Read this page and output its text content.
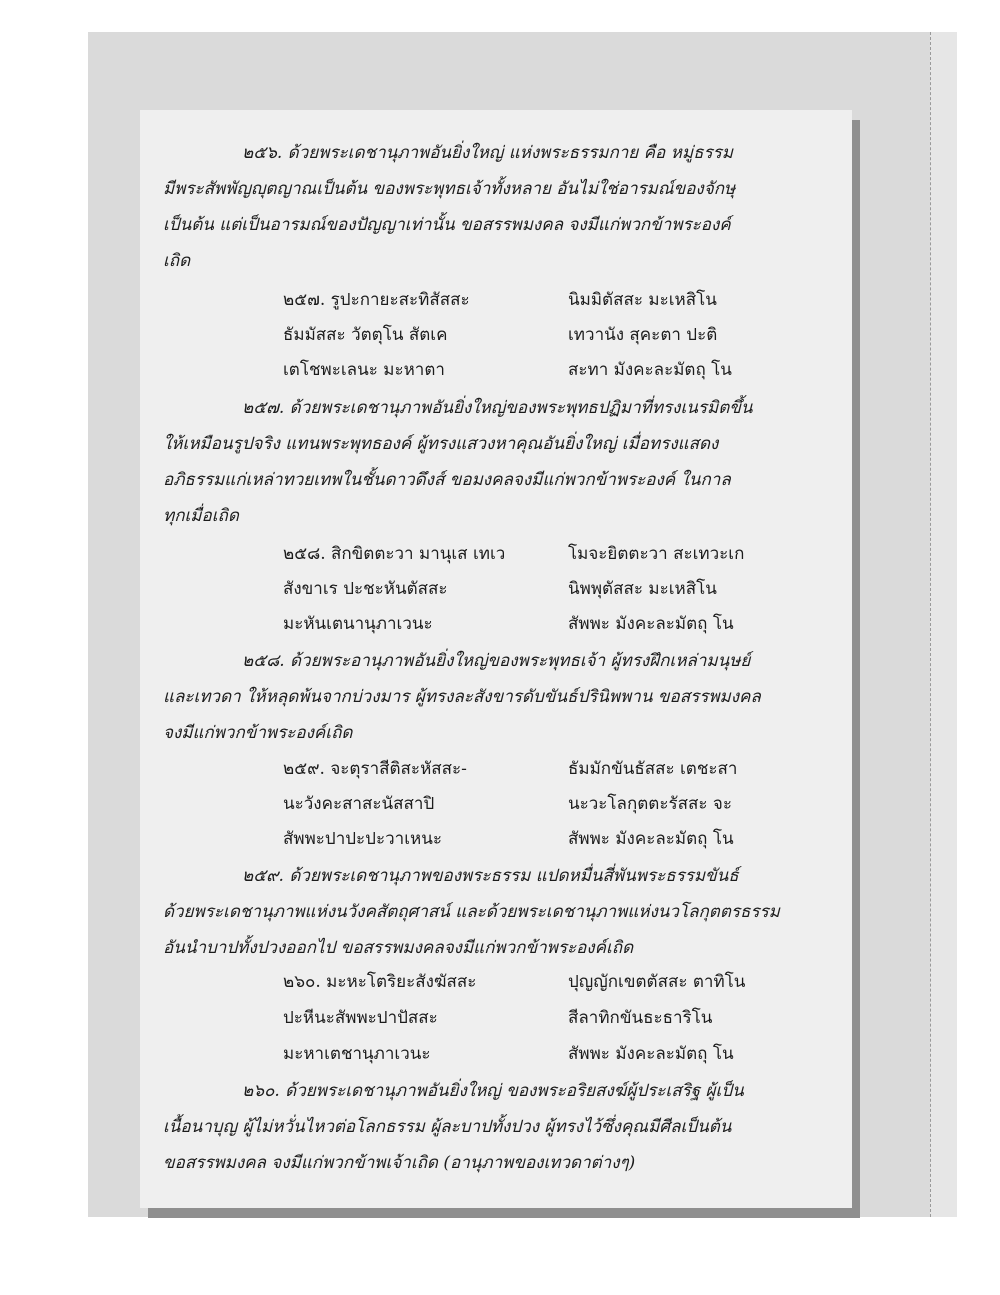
๒๕๖. ด้วยพระเดชานุภาพอันยิ่งใหญ่ แห่งพระธรรมกาย คือ หมู่ธรรม
มีพระสัพพัญญุตญาณเป็นต้น ของพระพุทธเจ้าทั้งหลาย อันไม่ใช่อารมณ์ของจักษุ
เป็นต้น แต่เป็นอารมณ์ของปัญญาเท่านั้น ขอสรรพมงคล จงมีแก่พวกข้าพระองค์
เถิด
๒๕๗. รูปะกายะสะทิสัสสะ	นิมมิตัสสะ มะเหสิโน
ธัมมัสสะ วัตตุโน สัตเค	เทวานัง สุคะตา ปะติ
เตโชพะเลนะ มะหาตา	สะทา มังคะละมัตถุ โน
๒๕๗. ด้วยพระเดชานุภาพอันยิ่งใหญ่ของพระพุทธปฏิมาที่ทรงเนรมิตขึ้น
ให้เหมือนรูปจริง แทนพระพุทธองค์ ผู้ทรงแสวงหาคุณอันยิ่งใหญ่ เมื่อทรงแสดง
อภิธรรมแก่เหล่าทวยเทพในชั้นดาวดึงส์ ขอมงคลจงมีแก่พวกข้าพระองค์ ในกาล
ทุกเมื่อเถิด
๒๕๘. สิกขิตตะวา มานุเส เทเว	โมจะยิตตะวา สะเทวะเก
สังขาเร ปะชะหันตัสสะ	นิพพุตัสสะ มะเหสิโน
มะหันเตนานุภาเวนะ	สัพพะ มังคะละมัตถุ โน
๒๕๘. ด้วยพระอานุภาพอันยิ่งใหญ่ของพระพุทธเจ้า ผู้ทรงฝึกเหล่ามนุษย์
และเทวดา ให้หลุดพ้นจากบ่วงมาร ผู้ทรงละสังขารดับขันธ์ปรินิพพาน ขอสรรพมงคล
จงมีแก่พวกข้าพระองค์เถิด
๒๕๙. จะตุราสีติสะหัสสะ-	ธัมมักขันธัสสะ เตชะสา
นะวังคะสาสะนัสสาปิ	นะวะโลกุตตะรัสสะ จะ
สัพพะปาปะปะวาเหนะ	สัพพะ มังคะละมัตถุ โน
๒๕๙. ด้วยพระเดชานุภาพของพระธรรม แปดหมื่นสี่พันพระธรรมขันธ์
ด้วยพระเดชานุภาพแห่งนวังคสัตถุศาสน์ และด้วยพระเดชานุภาพแห่งนวโลกุตตรธรรม
อันนำบาปทั้งปวงออกไป ขอสรรพมงคลจงมีแก่พวกข้าพระองค์เถิด
๒๖๐. มะหะโตริยะสังฆัสสะ	ปุญญักเขตตัสสะ ตาทิโน
ปะหีนะสัพพะปาปัสสะ	สีลาทิกขันธะธาริโน
มะหาเตชานุภาเวนะ	สัพพะ มังคะละมัตถุ โน
๒๖๐. ด้วยพระเดชานุภาพอันยิ่งใหญ่ ของพระอริยสงฆ์ผู้ประเสริฐ ผู้เป็น
เนื้อนาบุญ ผู้ไม่หวั่นไหวต่อโลกธรรม ผู้ละบาปทั้งปวง ผู้ทรงไว้ซึ่งคุณมีศีลเป็นต้น
ขอสรรพมงคล จงมีแก่พวกข้าพเจ้าเถิด (อานุภาพของเทวดาต่างๆ)
